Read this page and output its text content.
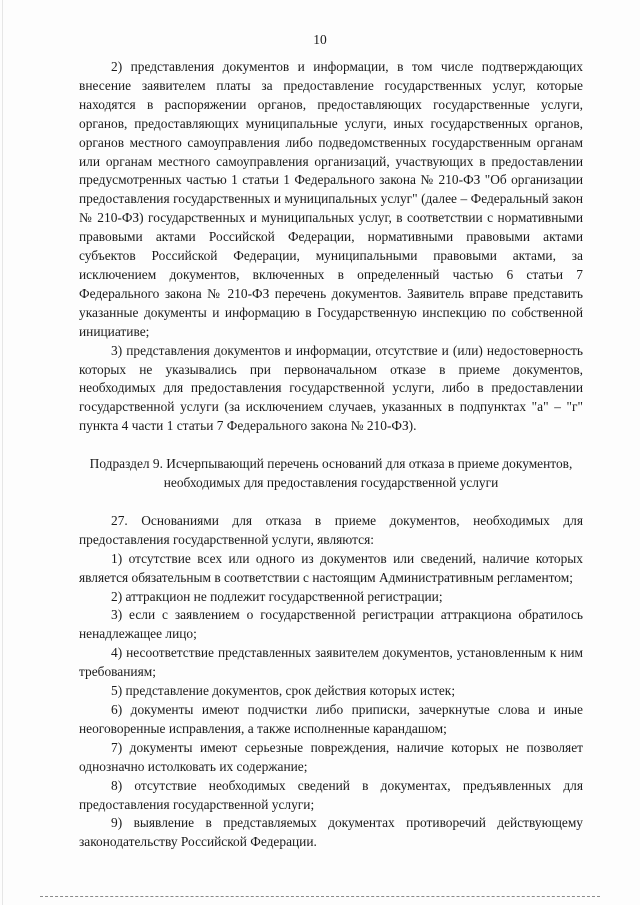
10

2) представления документов и информации, в том числе подтверждающих внесение заявителем платы за предоставление государственных услуг, которые находятся в распоряжении органов, предоставляющих государственные услуги, органов, предоставляющих муниципальные услуги, иных государственных органов, органов местного самоуправления либо подведомственных государственным органам или органам местного самоуправления организаций, участвующих в предоставлении предусмотренных частью 1 статьи 1 Федерального закона № 210-ФЗ "Об организации предоставления государственных и муниципальных услуг" (далее – Федеральный закон № 210-ФЗ) государственных и муниципальных услуг, в соответствии с нормативными правовыми актами Российской Федерации, нормативными правовыми актами субъектов Российской Федерации, муниципальными правовыми актами, за исключением документов, включенных в определенный частью 6 статьи 7 Федерального закона № 210-ФЗ перечень документов. Заявитель вправе представить указанные документы и информацию в Государственную инспекцию по собственной инициативе;

3) представления документов и информации, отсутствие и (или) недостоверность которых не указывались при первоначальном отказе в приеме документов, необходимых для предоставления государственной услуги, либо в предоставлении государственной услуги (за исключением случаев, указанных в подпунктах "а" – "г" пункта 4 части 1 статьи 7 Федерального закона № 210-ФЗ).

Подраздел 9. Исчерпывающий перечень оснований для отказа в приеме документов, необходимых для предоставления государственной услуги

27. Основаниями для отказа в приеме документов, необходимых для предоставления государственной услуги, являются:

1) отсутствие всех или одного из документов или сведений, наличие которых является обязательным в соответствии с настоящим Административным регламентом;

2) аттракцион не подлежит государственной регистрации;

3) если с заявлением о государственной регистрации аттракциона обратилось ненадлежащее лицо;

4) несоответствие представленных заявителем документов, установленным к ним требованиям;

5) представление документов, срок действия которых истек;

6) документы имеют подчистки либо приписки, зачеркнутые слова и иные неоговоренные исправления, а также исполненные карандашом;

7) документы имеют серьезные повреждения, наличие которых не позволяет однозначно истолковать их содержание;

8) отсутствие необходимых сведений в документах, предъявленных для предоставления государственной услуги;

9) выявление в представляемых документах противоречий действующему законодательству Российской Федерации.
